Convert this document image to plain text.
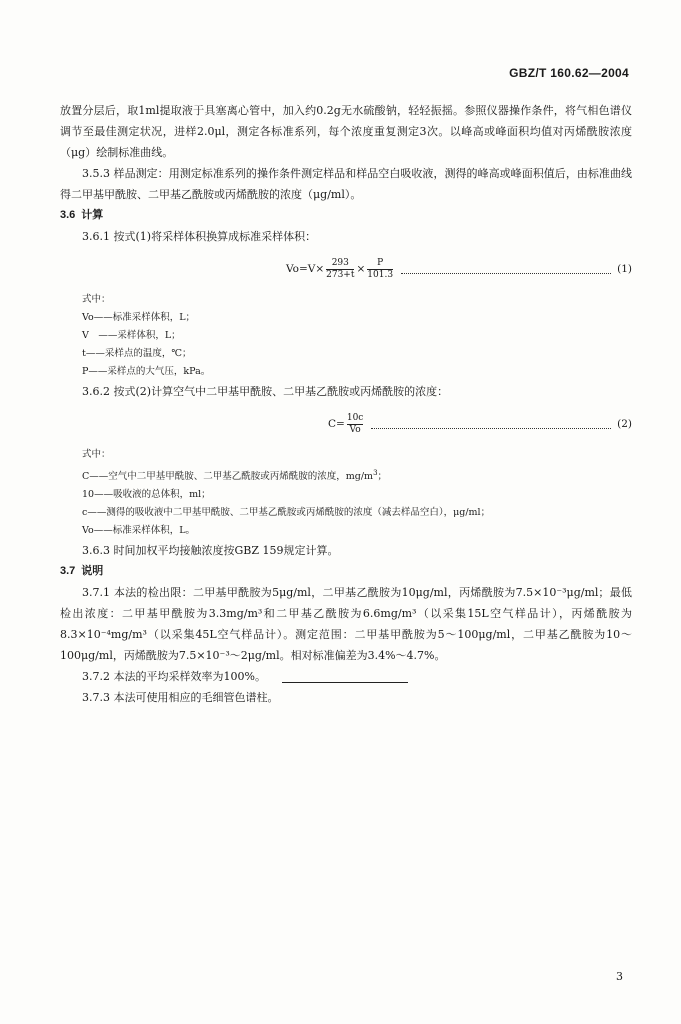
GBZ/T 160.62—2004

放置分层后，取1ml提取液于具塞离心管中，加入约0.2g无水硫酸钠，轻轻振摇。参照仪器操作条件，将气相色谱仪调节至最佳测定状况，进样2.0μl，测定各标准系列，每个浓度重复测定3次。以峰高或峰面积均值对丙烯酰胺浓度（μg）绘制标准曲线。

3.5.3 样品测定：用测定标准系列的操作条件测定样品和样品空白吸收液，测得的峰高或峰面积值后，由标准曲线得二甲基甲酰胺、二甲基乙酰胺或丙烯酰胺的浓度（μg/ml）。

3.6 计算

3.6.1 按式(1)将采样体积换算成标准采样体积：

$Vo=V\times \frac{293}{273+t} \times \frac{P}{101.3}$	(1)

式中：

Vo——标准采样体积，L；

V　——采样体积，L；

t——采样点的温度，℃；

P——采样点的大气压，kPa。

3.6.2 按式(2)计算空气中二甲基甲酰胺、二甲基乙酰胺或丙烯酰胺的浓度：

$C= \frac{10c}{Vo}$	(2)

式中：

C——空气中二甲基甲酰胺、二甲基乙酰胺或丙烯酰胺的浓度，$mg/m^3$；

10——吸收液的总体积，ml；

c——测得的吸收液中二甲基甲酰胺、二甲基乙酰胺或丙烯酰胺的浓度（减去样品空白），μg/ml；

Vo——标准采样体积，L。

3.6.3 时间加权平均接触浓度按GBZ 159规定计算。

3.7 说明

3.7.1 本法的检出限：二甲基甲酰胺为5μg/ml，二甲基乙酰胺为10μg/ml，丙烯酰胺为7.5×10⁻³μg/ml；最低检出浓度：二甲基甲酰胺为3.3mg/m³和二甲基乙酰胺为6.6mg/m³（以采集15L空气样品计），丙烯酰胺为8.3×10⁻⁴mg/m³（以采集45L空气样品计）。测定范围：二甲基甲酰胺为5～100μg/ml，二甲基乙酰胺为10～100μg/ml，丙烯酰胺为7.5×10⁻³～2μg/ml。相对标准偏差为3.4%～4.7%。

3.7.2 本法的平均采样效率为100%。

3.7.3 本法可使用相应的毛细管色谱柱。

3
